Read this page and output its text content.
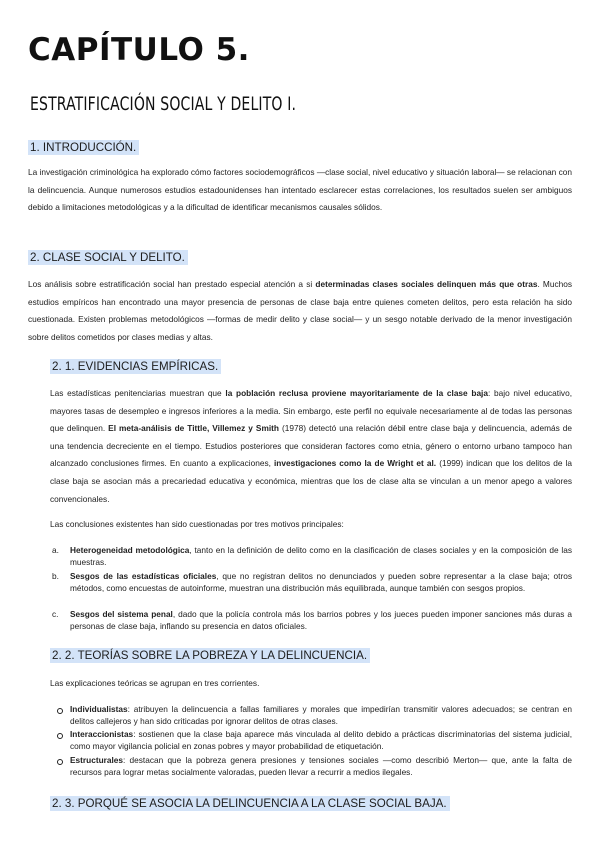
CAPÍTULO 5.
ESTRATIFICACIÓN SOCIAL Y DELITO I.
1. INTRODUCCIÓN.
La investigación criminológica ha explorado cómo factores sociodemográficos —clase social, nivel educativo y situación laboral— se relacionan con la delincuencia. Aunque numerosos estudios estadounidenses han intentado esclarecer estas correlaciones, los resultados suelen ser ambiguos debido a limitaciones metodológicas y a la dificultad de identificar mecanismos causales sólidos.
2. CLASE SOCIAL Y DELITO.
Los análisis sobre estratificación social han prestado especial atención a si determinadas clases sociales delinquen más que otras. Muchos estudios empíricos han encontrado una mayor presencia de personas de clase baja entre quienes cometen delitos, pero esta relación ha sido cuestionada. Existen problemas metodológicos —formas de medir delito y clase social— y un sesgo notable derivado de la menor investigación sobre delitos cometidos por clases medias y altas.
2. 1. EVIDENCIAS EMPÍRICAS.
Las estadísticas penitenciarias muestran que la población reclusa proviene mayoritariamente de la clase baja: bajo nivel educativo, mayores tasas de desempleo e ingresos inferiores a la media. Sin embargo, este perfil no equivale necesariamente al de todas las personas que delinquen. El meta-análisis de Tittle, Villemez y Smith (1978) detectó una relación débil entre clase baja y delincuencia, además de una tendencia decreciente en el tiempo. Estudios posteriores que consideran factores como etnia, género o entorno urbano tampoco han alcanzado conclusiones firmes. En cuanto a explicaciones, investigaciones como la de Wright et al. (1999) indican que los delitos de la clase baja se asocian más a precariedad educativa y económica, mientras que los de clase alta se vinculan a un menor apego a valores convencionales.
Las conclusiones existentes han sido cuestionadas por tres motivos principales:
a. Heterogeneidad metodológica, tanto en la definición de delito como en la clasificación de clases sociales y en la composición de las muestras.
b. Sesgos de las estadísticas oficiales, que no registran delitos no denunciados y pueden sobre representar a la clase baja; otros métodos, como encuestas de autoinforme, muestran una distribución más equilibrada, aunque también con sesgos propios.
c. Sesgos del sistema penal, dado que la policía controla más los barrios pobres y los jueces pueden imponer sanciones más duras a personas de clase baja, inflando su presencia en datos oficiales.
2. 2. TEORÍAS SOBRE LA POBREZA Y LA DELINCUENCIA.
Las explicaciones teóricas se agrupan en tres corrientes.
Individualistas: atribuyen la delincuencia a fallas familiares y morales que impedirían transmitir valores adecuados; se centran en delitos callejeros y han sido criticadas por ignorar delitos de otras clases.
Interaccionistas: sostienen que la clase baja aparece más vinculada al delito debido a prácticas discriminatorias del sistema judicial, como mayor vigilancia policial en zonas pobres y mayor probabilidad de etiquetación.
Estructurales: destacan que la pobreza genera presiones y tensiones sociales —como describió Merton— que, ante la falta de recursos para lograr metas socialmente valoradas, pueden llevar a recurrir a medios ilegales.
2. 3. PORQUÉ SE ASOCIA LA DELINCUENCIA A LA CLASE SOCIAL BAJA.
